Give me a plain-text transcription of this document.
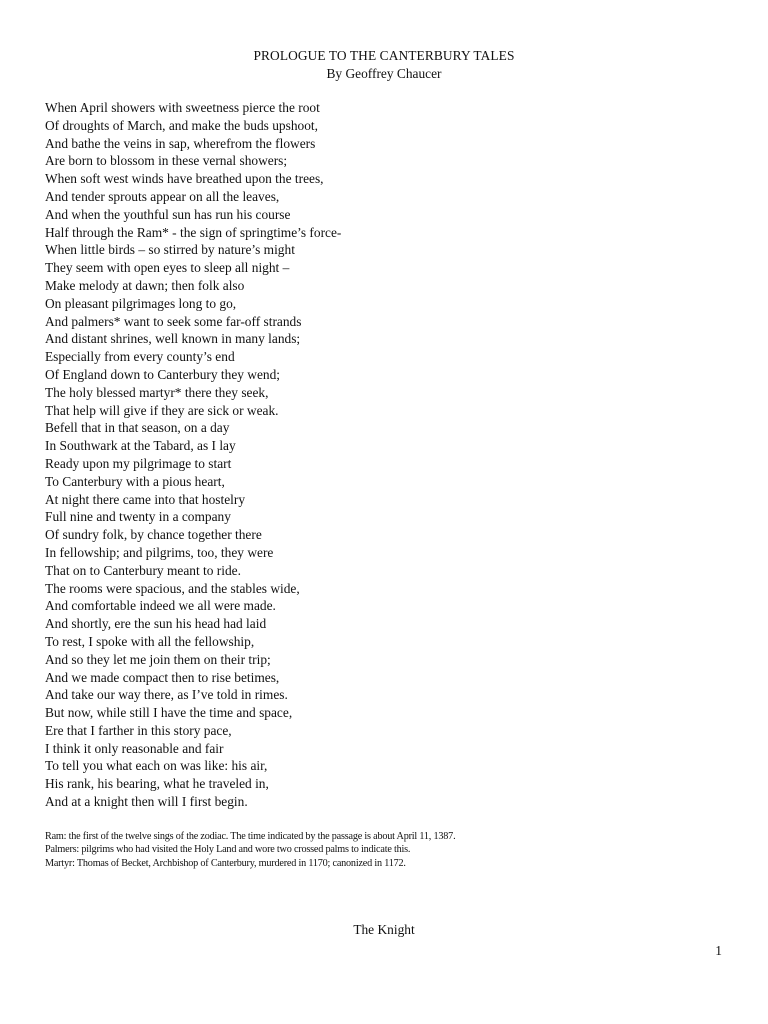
PROLOGUE TO THE CANTERBURY TALES
By Geoffrey Chaucer
When April showers with sweetness pierce the root
Of droughts of March, and make the buds upshoot,
And bathe the veins in sap, wherefrom the flowers
Are born to blossom in these vernal showers;
When soft west winds have breathed upon the trees,
And tender sprouts appear on all the leaves,
And when the youthful sun has run his course
Half through the Ram* - the sign of springtime’s force-
When little birds – so stirred by nature’s might
They seem with open eyes to sleep all night –
Make melody at dawn; then folk also
On pleasant pilgrimages long to go,
And palmers* want to seek some far-off strands
And distant shrines, well known in many lands;
Especially from every county’s end
Of England down to Canterbury they wend;
The holy blessed martyr* there they seek,
That help will give if they are sick or weak.
Befell that in that season, on a day
In Southwark at the Tabard, as I lay
Ready upon my pilgrimage to start
To Canterbury with a pious heart,
At night there came into that hostelry
Full nine and twenty in a company
Of sundry folk, by chance together there
In fellowship; and pilgrims, too, they were
That on to Canterbury meant to ride.
The rooms were spacious, and the stables wide,
And comfortable indeed we all were made.
And shortly, ere the sun his head had laid
To rest, I spoke with all the fellowship,
And so they let me join them on their trip;
And we made compact then to rise betimes,
And take our way there, as I’ve told in rimes.
But now, while still I have the time and space,
Ere that I farther in this story pace,
I think it only reasonable and fair
To tell you what each on was like: his air,
His rank, his bearing, what he traveled in,
And at a knight then will I first begin.
Ram: the first of the twelve sings of the zodiac. The time indicated by the passage is about April 11, 1387.
Palmers: pilgrims who had visited the Holy Land and wore two crossed palms to indicate this.
Martyr: Thomas of Becket, Archbishop of Canterbury, murdered in 1170; canonized in 1172.
The Knight
1
